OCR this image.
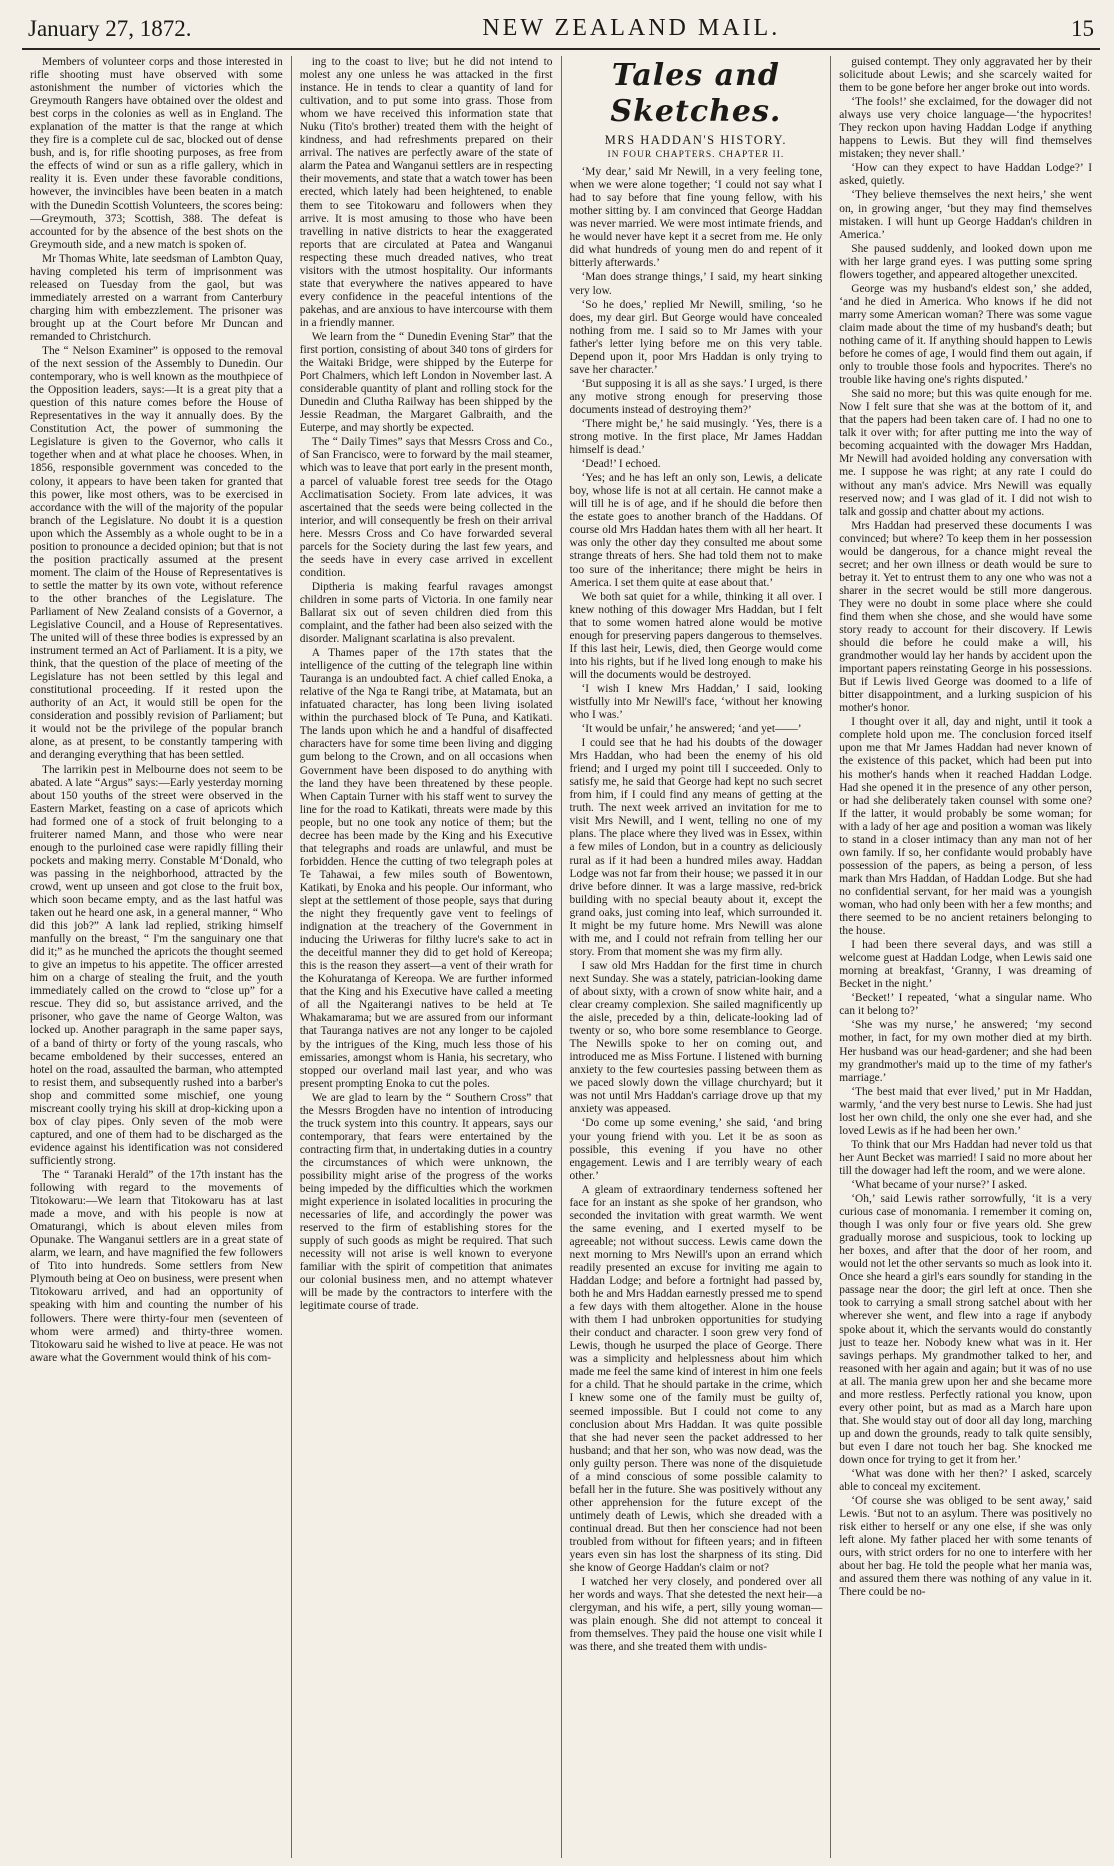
January 27, 1872.	NEW ZEALAND MAIL.	15

Members of volunteer corps and those interested in rifle shooting must have observed with some astonishment the number of victories which the Greymouth Rangers have obtained over the oldest and best corps in the colonies as well as in England. The explanation of the matter is that the range at which they fire is a complete cul de sac, blocked out of dense bush, and is, for rifle shooting purposes, as free from the effects of wind or sun as a rifle gallery, which in reality it is. Even under these favorable conditions, however, the invincibles have been beaten in a match with the Dunedin Scottish Volunteers, the scores being:—Greymouth, 373; Scottish, 388. The defeat is accounted for by the absence of the best shots on the Greymouth side, and a new match is spoken of.

Mr Thomas White, late seedsman of Lambton Quay, having completed his term of imprisonment was released on Tuesday from the gaol, but was immediately arrested on a warrant from Canterbury charging him with embezzlement. The prisoner was brought up at the Court before Mr Duncan and remanded to Christchurch.

The “ Nelson Examiner” is opposed to the removal of the next session of the Assembly to Dunedin. Our contemporary, who is well known as the mouthpiece of the Opposition leaders, says:—It is a great pity that a question of this nature comes before the House of Representatives in the way it annually does. By the Constitution Act, the power of summoning the Legislature is given to the Governor, who calls it together when and at what place he chooses. When, in 1856, responsible government was conceded to the colony, it appears to have been taken for granted that this power, like most others, was to be exercised in accordance with the will of the majority of the popular branch of the Legislature. No doubt it is a question upon which the Assembly as a whole ought to be in a position to pronounce a decided opinion; but that is not the position practically assumed at the present moment. The claim of the House of Representatives is to settle the matter by its own vote, without reference to the other branches of the Legislature. The Parliament of New Zealand consists of a Governor, a Legislative Council, and a House of Representatives. The united will of these three bodies is expressed by an instrument termed an Act of Parliament. It is a pity, we think, that the question of the place of meeting of the Legislature has not been settled by this legal and constitutional proceeding. If it rested upon the authority of an Act, it would still be open for the consideration and possibly revision of Parliament; but it would not be the privilege of the popular branch alone, as at present, to be constantly tampering with and deranging everything that has been settled.

The larrikin pest in Melbourne does not seem to be abated. A late “Argus” says:—Early yesterday morning about 150 youths of the street were observed in the Eastern Market, feasting on a case of apricots which had formed one of a stock of fruit belonging to a fruiterer named Mann, and those who were near enough to the purloined case were rapidly filling their pockets and making merry. Constable M‘Donald, who was passing in the neighborhood, attracted by the crowd, went up unseen and got close to the fruit box, which soon became empty, and as the last hatful was taken out he heard one ask, in a general manner, “ Who did this job?” A lank lad replied, striking himself manfully on the breast, “ I'm the sanguinary one that did it;” as he munched the apricots the thought seemed to give an impetus to his appetite. The officer arrested him on a charge of stealing the fruit, and the youth immediately called on the crowd to “close up” for a rescue. They did so, but assistance arrived, and the prisoner, who gave the name of George Walton, was locked up. Another paragraph in the same paper says, of a band of thirty or forty of the young rascals, who became emboldened by their successes, entered an hotel on the road, assaulted the barman, who attempted to resist them, and subsequently rushed into a barber's shop and committed some mischief, one young miscreant coolly trying his skill at drop-kicking upon a box of clay pipes. Only seven of the mob were captured, and one of them had to be discharged as the evidence against his identification was not considered sufficiently strong.

The “ Taranaki Herald” of the 17th instant has the following with regard to the movements of Titokowaru:—We learn that Titokowaru has at last made a move, and with his people is now at Omaturangi, which is about eleven miles from Opunake. The Wanganui settlers are in a great state of alarm, we learn, and have magnified the few followers of Tito into hundreds. Some settlers from New Plymouth being at Oeo on business, were present when Titokowaru arrived, and had an opportunity of speaking with him and counting the number of his followers. There were thirty-four men (seventeen of whom were armed) and thirty-three women. Titokowaru said he wished to live at peace. He was not aware what the Government would think of his com-

ing to the coast to live; but he did not intend to molest any one unless he was attacked in the first instance. He in tends to clear a quantity of land for cultivation, and to put some into grass. Those from whom we have received this information state that Nuku (Tito's brother) treated them with the height of kindness, and had refreshments prepared on their arrival. The natives are perfectly aware of the state of alarm the Patea and Wanganui settlers are in respecting their movements, and state that a watch tower has been erected, which lately had been heightened, to enable them to see Titokowaru and followers when they arrive. It is most amusing to those who have been travelling in native districts to hear the exaggerated reports that are circulated at Patea and Wanganui respecting these much dreaded natives, who treat visitors with the utmost hospitality. Our informants state that everywhere the natives appeared to have every confidence in the peaceful intentions of the pakehas, and are anxious to have intercourse with them in a friendly manner.

We learn from the “ Dunedin Evening Star” that the first portion, consisting of about 340 tons of girders for the Waitaki Bridge, were shipped by the Euterpe for Port Chalmers, which left London in November last. A considerable quantity of plant and rolling stock for the Dunedin and Clutha Railway has been shipped by the Jessie Readman, the Margaret Galbraith, and the Euterpe, and may shortly be expected.

The “ Daily Times” says that Messrs Cross and Co., of San Francisco, were to forward by the mail steamer, which was to leave that port early in the present month, a parcel of valuable forest tree seeds for the Otago Acclimatisation Society. From late advices, it was ascertained that the seeds were being collected in the interior, and will consequently be fresh on their arrival here. Messrs Cross and Co have forwarded several parcels for the Society during the last few years, and the seeds have in every case arrived in excellent condition.

Diptheria is making fearful ravages amongst children in some parts of Victoria. In one family near Ballarat six out of seven children died from this complaint, and the father had been also seized with the disorder. Malignant scarlatina is also prevalent.

A Thames paper of the 17th states that the intelligence of the cutting of the telegraph line within Tauranga is an undoubted fact. A chief called Enoka, a relative of the Nga te Rangi tribe, at Matamata, but an infatuated character, has long been living isolated within the purchased block of Te Puna, and Katikati. The lands upon which he and a handful of disaffected characters have for some time been living and digging gum belong to the Crown, and on all occasions when Government have been disposed to do anything with the land they have been threatened by these people. When Captain Turner with his staff went to survey the line for the road to Katikati, threats were made by this people, but no one took any notice of them; but the decree has been made by the King and his Executive that telegraphs and roads are unlawful, and must be forbidden. Hence the cutting of two telegraph poles at Te Tahawai, a few miles south of Bowentown, Katikati, by Enoka and his people. Our informant, who slept at the settlement of those people, says that during the night they frequently gave vent to feelings of indignation at the treachery of the Government in inducing the Uriweras for filthy lucre's sake to act in the deceitful manner they did to get hold of Kereopa; this is the reason they assert—a vent of their wrath for the Kohuratanga of Kereopa. We are further informed that the King and his Executive have called a meeting of all the Ngaiterangi natives to be held at Te Whakamarama; but we are assured from our informant that Tauranga natives are not any longer to be cajoled by the intrigues of the King, much less those of his emissaries, amongst whom is Hania, his secretary, who stopped our overland mail last year, and who was present prompting Enoka to cut the poles.

We are glad to learn by the “ Southern Cross” that the Messrs Brogden have no intention of introducing the truck system into this country. It appears, says our contemporary, that fears were entertained by the contracting firm that, in undertaking duties in a country the circumstances of which were unknown, the possibility might arise of the progress of the works being impeded by the difficulties which the workmen might experience in isolated localities in procuring the necessaries of life, and accordingly the power was reserved to the firm of establishing stores for the supply of such goods as might be required. That such necessity will not arise is well known to everyone familiar with the spirit of competition that animates our colonial business men, and no attempt whatever will be made by the contractors to interfere with the legitimate course of trade.

Tales and Sketches.
MRS HADDAN'S HISTORY.
IN FOUR CHAPTERS. CHAPTER II.

‘My dear,’ said Mr Newill, in a very feeling tone, when we were alone together; ‘I could not say what I had to say before that fine young fellow, with his mother sitting by. I am convinced that George Haddan was never married. We were most intimate friends, and he would never have kept it a secret from me. He only did what hundreds of young men do and repent of it bitterly afterwards.’

‘Man does strange things,’ I said, my heart sinking very low.

‘So he does,’ replied Mr Newill, smiling, ‘so he does, my dear girl. But George would have concealed nothing from me. I said so to Mr James with your father's letter lying before me on this very table. Depend upon it, poor Mrs Haddan is only trying to save her character.’

‘But supposing it is all as she says.’ I urged, is there any motive strong enough for preserving those documents instead of destroying them?’

‘There might be,’ he said musingly. ‘Yes, there is a strong motive. In the first place, Mr James Haddan himself is dead.’

‘Dead!’ I echoed.

‘Yes; and he has left an only son, Lewis, a delicate boy, whose life is not at all certain. He cannot make a will till he is of age, and if he should die before then the estate goes to another branch of the Haddans. Of course old Mrs Haddan hates them with all her heart. It was only the other day they consulted me about some strange threats of hers. She had told them not to make too sure of the inheritance; there might be heirs in America. I set them quite at ease about that.’

We both sat quiet for a while, thinking it all over. I knew nothing of this dowager Mrs Haddan, but I felt that to some women hatred alone would be motive enough for preserving papers dangerous to themselves. If this last heir, Lewis, died, then George would come into his rights, but if he lived long enough to make his will the documents would be destroyed.

‘I wish I knew Mrs Haddan,’ I said, looking wistfully into Mr Newill's face, ‘without her knowing who I was.’

‘It would be unfair,’ he answered; ‘and yet——’

I could see that he had his doubts of the dowager Mrs Haddan, who had been the enemy of his old friend; and I urged my point till I succeeded. Only to satisfy me, he said that George had kept no such secret from him, if I could find any means of getting at the truth. The next week arrived an invitation for me to visit Mrs Newill, and I went, telling no one of my plans. The place where they lived was in Essex, within a few miles of London, but in a country as deliciously rural as if it had been a hundred miles away. Haddan Lodge was not far from their house; we passed it in our drive before dinner. It was a large massive, red-brick building with no special beauty about it, except the grand oaks, just coming into leaf, which surrounded it. It might be my future home. Mrs Newill was alone with me, and I could not refrain from telling her our story. From that moment she was my firm ally.

I saw old Mrs Haddan for the first time in church next Sunday. She was a stately, patrician-looking dame of about sixty, with a crown of snow white hair, and a clear creamy complexion. She sailed magnificently up the aisle, preceded by a thin, delicate-looking lad of twenty or so, who bore some resemblance to George. The Newills spoke to her on coming out, and introduced me as Miss Fortune. I listened with burning anxiety to the few courtesies passing between them as we paced slowly down the village churchyard; but it was not until Mrs Haddan's carriage drove up that my anxiety was appeased.

‘Do come up some evening,’ she said, ‘and bring your young friend with you. Let it be as soon as possible, this evening if you have no other engagement. Lewis and I are terribly weary of each other.’

A gleam of extraordinary tenderness softened her face for an instant as she spoke of her grandson, who seconded the invitation with great warmth. We went the same evening, and I exerted myself to be agreeable; not without success. Lewis came down the next morning to Mrs Newill's upon an errand which readily presented an excuse for inviting me again to Haddan Lodge; and before a fortnight had passed by, both he and Mrs Haddan earnestly pressed me to spend a few days with them altogether. Alone in the house with them I had unbroken opportunities for studying their conduct and character. I soon grew very fond of Lewis, though he usurped the place of George. There was a simplicity and helplessness about him which made me feel the same kind of interest in him one feels for a child. That he should partake in the crime, which I knew some one of the family must be guilty of, seemed impossible. But I could not come to any conclusion about Mrs Haddan. It was quite possible that she had never seen the packet addressed to her husband; and that her son, who was now dead, was the only guilty person. There was none of the disquietude of a mind conscious of some possible calamity to befall her in the future. She was positively without any other apprehension for the future except of the untimely death of Lewis, which she dreaded with a continual dread. But then her conscience had not been troubled from without for fifteen years; and in fifteen years even sin has lost the sharpness of its sting. Did she know of George Haddan's claim or not?

I watched her very closely, and pondered over all her words and ways. That she detested the next heir—a clergyman, and his wife, a pert, silly young woman—was plain enough. She did not attempt to conceal it from themselves. They paid the house one visit while I was there, and she treated them with undis-

guised contempt. They only aggravated her by their solicitude about Lewis; and she scarcely waited for them to be gone before her anger broke out into words.

‘The fools!’ she exclaimed, for the dowager did not always use very choice language—‘the hypocrites! They reckon upon having Haddan Lodge if anything happens to Lewis. But they will find themselves mistaken; they never shall.’

‘How can they expect to have Haddan Lodge?’ I asked, quietly.

‘They believe themselves the next heirs,’ she went on, in growing anger, ‘but they may find themselves mistaken. I will hunt up George Haddan's children in America.’

She paused suddenly, and looked down upon me with her large grand eyes. I was putting some spring flowers together, and appeared altogether unexcited.

George was my husband's eldest son,’ she added, ‘and he died in America. Who knows if he did not marry some American woman? There was some vague claim made about the time of my husband's death; but nothing came of it. If anything should happen to Lewis before he comes of age, I would find them out again, if only to trouble those fools and hypocrites. There's no trouble like having one's rights disputed.’

She said no more; but this was quite enough for me. Now I felt sure that she was at the bottom of it, and that the papers had been taken care of. I had no one to talk it over with; for after putting me into the way of becoming acquainted with the dowager Mrs Haddan, Mr Newill had avoided holding any conversation with me. I suppose he was right; at any rate I could do without any man's advice. Mrs Newill was equally reserved now; and I was glad of it. I did not wish to talk and gossip and chatter about my actions.

Mrs Haddan had preserved these documents I was convinced; but where? To keep them in her possession would be dangerous, for a chance might reveal the secret; and her own illness or death would be sure to betray it. Yet to entrust them to any one who was not a sharer in the secret would be still more dangerous. They were no doubt in some place where she could find them when she chose, and she would have some story ready to account for their discovery. If Lewis should die before he could make a will, his grandmother would lay her hands by accident upon the important papers reinstating George in his possessions. But if Lewis lived George was doomed to a life of bitter disappointment, and a lurking suspicion of his mother's honor.

I thought over it all, day and night, until it took a complete hold upon me. The conclusion forced itself upon me that Mr James Haddan had never known of the existence of this packet, which had been put into his mother's hands when it reached Haddan Lodge. Had she opened it in the presence of any other person, or had she deliberately taken counsel with some one? If the latter, it would probably be some woman; for with a lady of her age and position a woman was likely to stand in a closer intimacy than any man not of her own family. If so, her confidante would probably have possession of the papers, as being a person, of less mark than Mrs Haddan, of Haddan Lodge. But she had no confidential servant, for her maid was a youngish woman, who had only been with her a few months; and there seemed to be no ancient retainers belonging to the house.

I had been there several days, and was still a welcome guest at Haddan Lodge, when Lewis said one morning at breakfast, ‘Granny, I was dreaming of Becket in the night.’

‘Becket!’ I repeated, ‘what a singular name. Who can it belong to?’

‘She was my nurse,’ he answered; ‘my second mother, in fact, for my own mother died at my birth. Her husband was our head-gardener; and she had been my grandmother's maid up to the time of my father's marriage.’

‘The best maid that ever lived,’ put in Mr Haddan, warmly, ‘and the very best nurse to Lewis. She had just lost her own child, the only one she ever had, and she loved Lewis as if he had been her own.’

To think that our Mrs Haddan had never told us that her Aunt Becket was married! I said no more about her till the dowager had left the room, and we were alone.

‘What became of your nurse?’ I asked.

‘Oh,’ said Lewis rather sorrowfully, ‘it is a very curious case of monomania. I remember it coming on, though I was only four or five years old. She grew gradually morose and suspicious, took to locking up her boxes, and after that the door of her room, and would not let the other servants so much as look into it. Once she heard a girl's ears soundly for standing in the passage near the door; the girl left at once. Then she took to carrying a small strong satchel about with her wherever she went, and flew into a rage if anybody spoke about it, which the servants would do constantly just to teaze her. Nobody knew what was in it. Her savings perhaps. My grandmother talked to her, and reasoned with her again and again; but it was of no use at all. The mania grew upon her and she became more and more restless. Perfectly rational you know, upon every other point, but as mad as a March hare upon that. She would stay out of door all day long, marching up and down the grounds, ready to talk quite sensibly, but even I dare not touch her bag. She knocked me down once for trying to get it from her.’

‘What was done with her then?’ I asked, scarcely able to conceal my excitement.

‘Of course she was obliged to be sent away,’ said Lewis. ‘But not to an asylum. There was positively no risk either to herself or any one else, if she was only left alone. My father placed her with some tenants of ours, with strict orders for no one to interfere with her about her bag. He told the people what her mania was, and assured them there was nothing of any value in it. There could be no-
